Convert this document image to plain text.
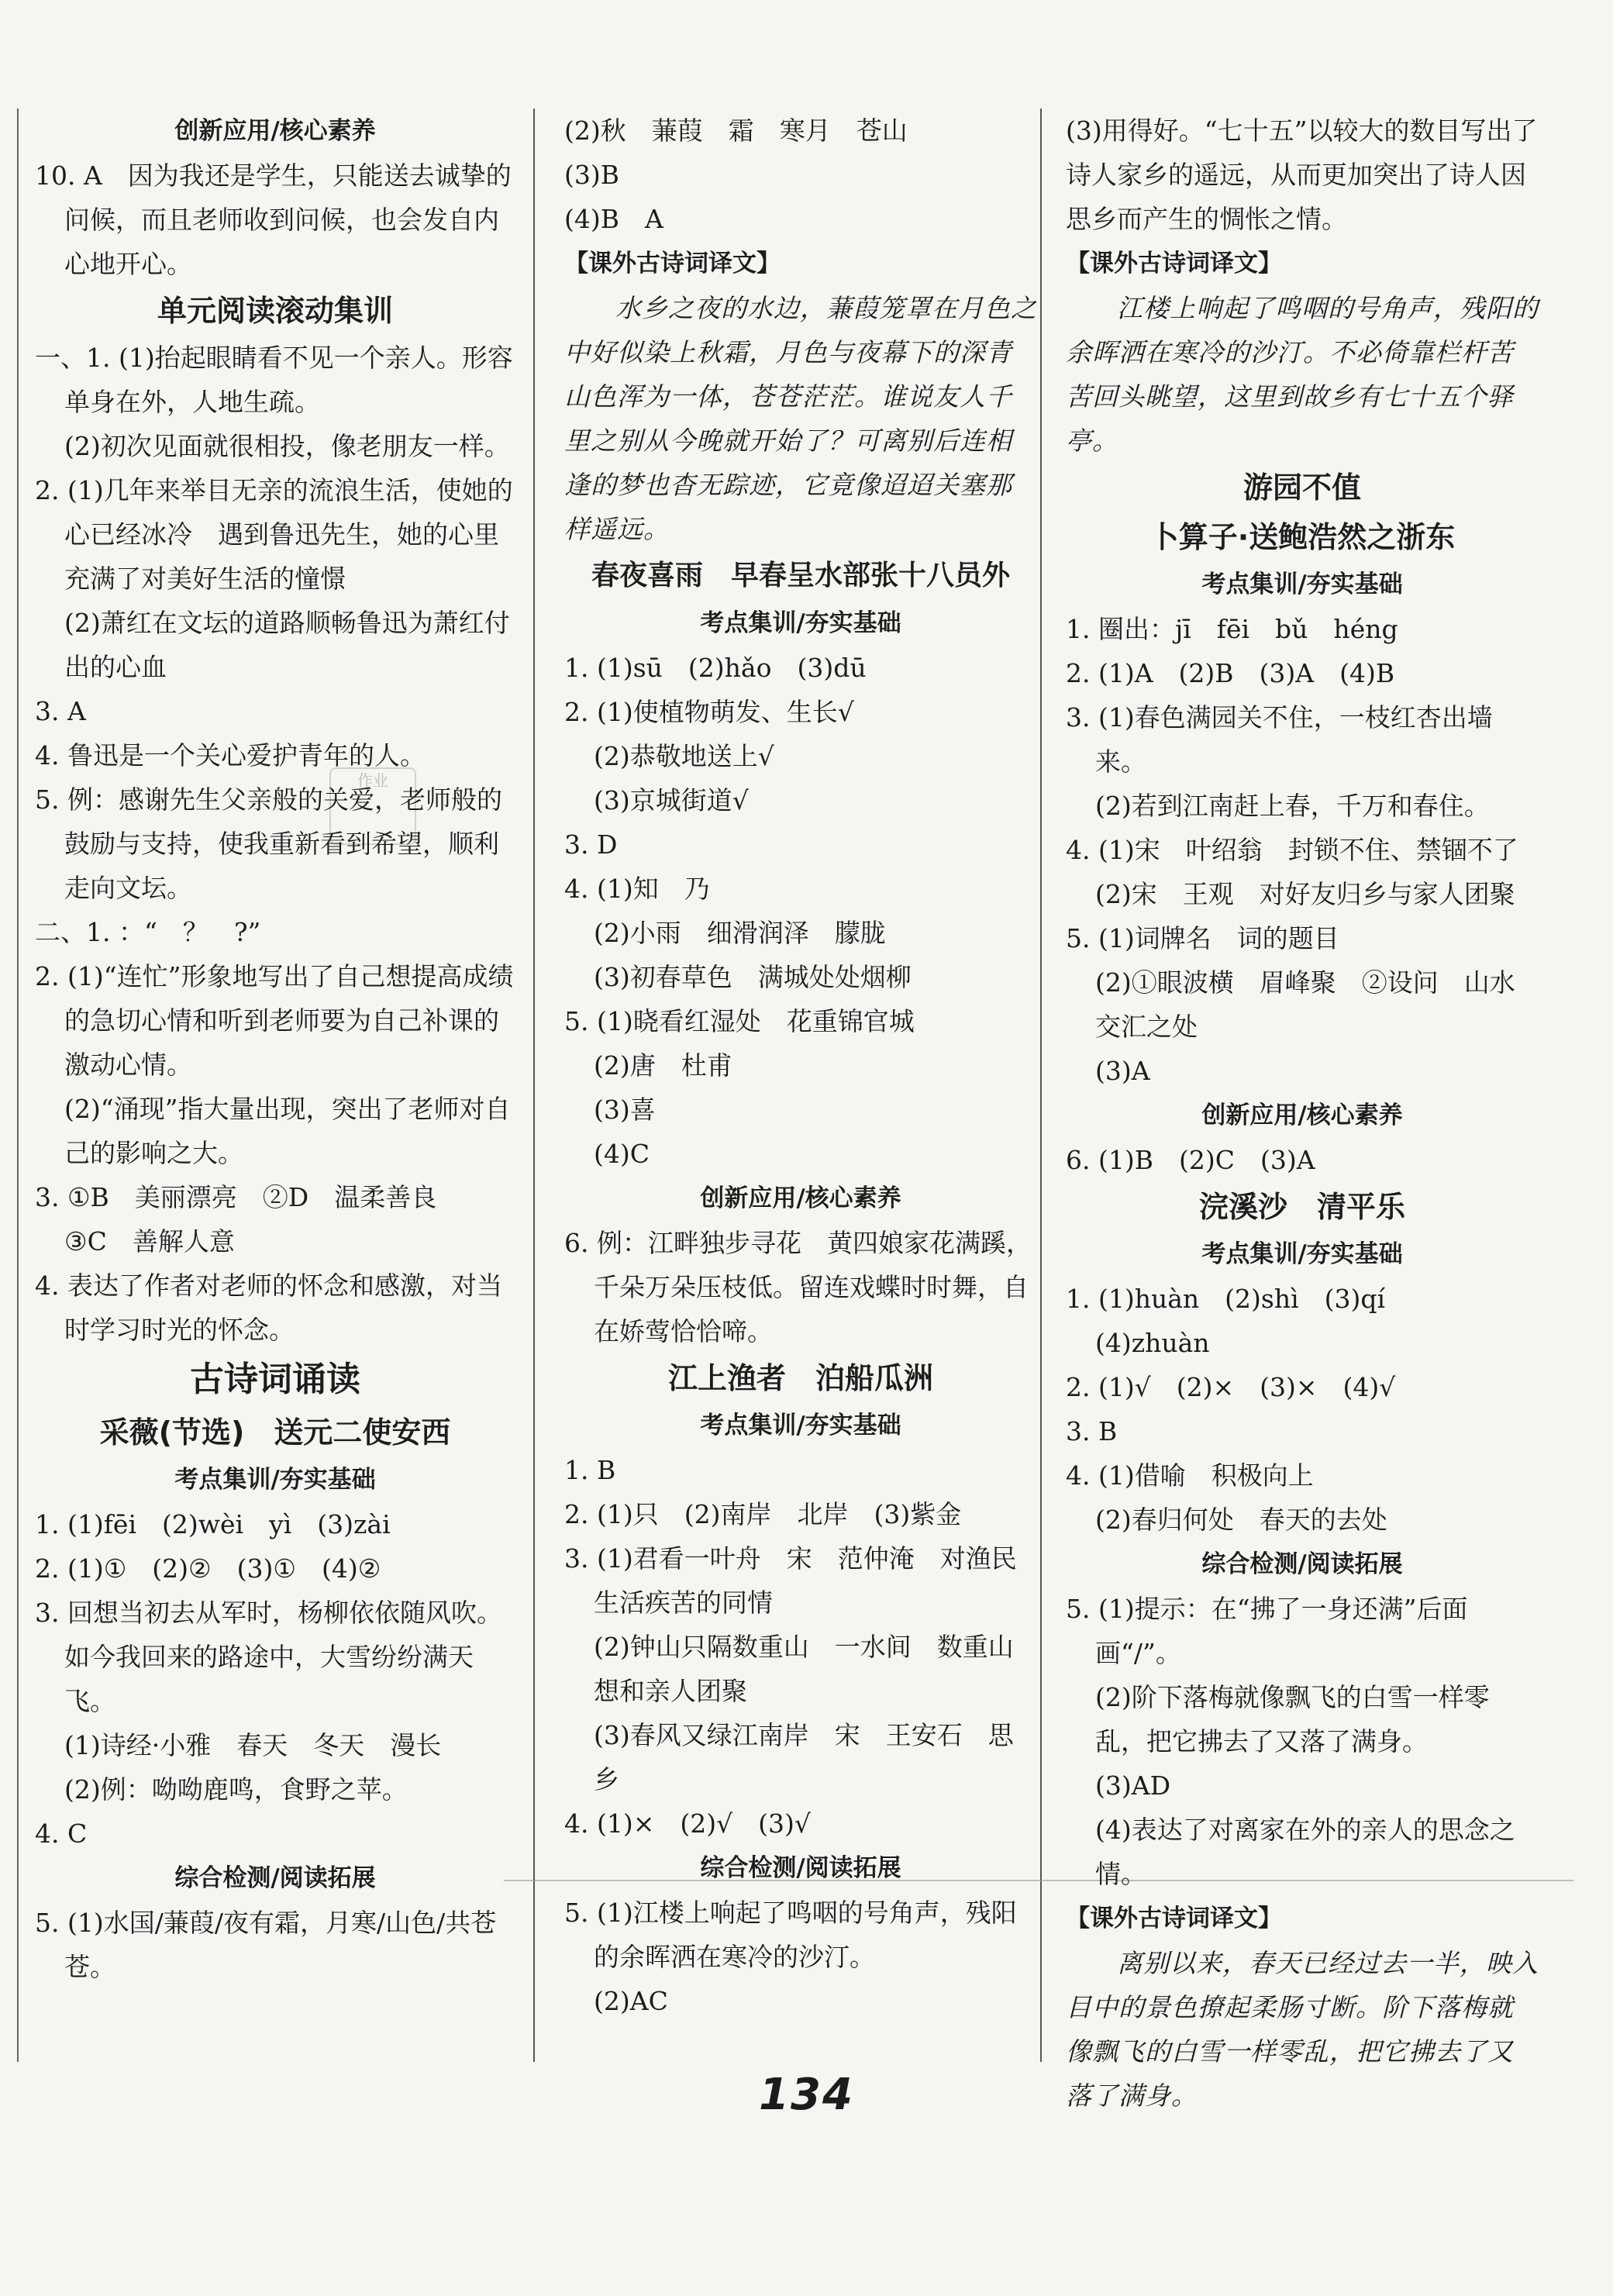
作业
创新应用/核心素养

10. A　因为我还是学生，只能送去诚挚的问候，而且老师收到问候，也会发自内心地开心。

单元阅读滚动集训

一、1. (1)抬起眼睛看不见一个亲人。形容单身在外，人地生疏。

(2)初次见面就很相投，像老朋友一样。

2. (1)几年来举目无亲的流浪生活，使她的心已经冰冷　遇到鲁迅先生，她的心里充满了对美好生活的憧憬

(2)萧红在文坛的道路顺畅鲁迅为萧红付出的心血

3. A

4. 鲁迅是一个关心爱护青年的人。

5. 例：感谢先生父亲般的关爱，老师般的鼓励与支持，使我重新看到希望，顺利走向文坛。

二、1. ：“　？　?”

2. (1)“连忙”形象地写出了自己想提高成绩的急切心情和听到老师要为自己补课的激动心情。

(2)“涌现”指大量出现，突出了老师对自己的影响之大。

3. ①B　美丽漂亮　②D　温柔善良

③C　善解人意

4. 表达了作者对老师的怀念和感激，对当时学习时光的怀念。

古诗词诵读
采薇(节选)　送元二使安西
考点集训/夯实基础

1. (1)fēi　(2)wèi　yì　(3)zài

2. (1)①　(2)②　(3)①　(4)②

3. 回想当初去从军时，杨柳依依随风吹。如今我回来的路途中，大雪纷纷满天飞。

(1)诗经·小雅　春天　冬天　漫长

(2)例：呦呦鹿鸣，食野之苹。

4. C

综合检测/阅读拓展

5. (1)水国/蒹葭/夜有霜，月寒/山色/共苍苍。

(2)秋　蒹葭　霜　寒月　苍山

(3)B

(4)B　A

【课外古诗词译文】

水乡之夜的水边，蒹葭笼罩在月色之中好似染上秋霜，月色与夜幕下的深青山色浑为一体，苍苍茫茫。谁说友人千里之别从今晚就开始了？可离别后连相逢的梦也杳无踪迹，它竟像迢迢关塞那样遥远。

春夜喜雨　早春呈水部张十八员外
考点集训/夯实基础

1. (1)sū　(2)hǎo　(3)dū

2. (1)使植物萌发、生长√

(2)恭敬地送上√

(3)京城街道√

3. D

4. (1)知　乃

(2)小雨　细滑润泽　朦胧

(3)初春草色　满城处处烟柳

5. (1)晓看红湿处　花重锦官城

(2)唐　杜甫

(3)喜

(4)C

创新应用/核心素养

6. 例：江畔独步寻花　黄四娘家花满蹊，千朵万朵压枝低。留连戏蝶时时舞，自在娇莺恰恰啼。

江上渔者　泊船瓜洲
考点集训/夯实基础

1. B

2. (1)只　(2)南岸　北岸　(3)紫金

3. (1)君看一叶舟　宋　范仲淹　对渔民生活疾苦的同情

(2)钟山只隔数重山　一水间　数重山　想和亲人团聚

(3)春风又绿江南岸　宋　王安石　思乡

4. (1)×　(2)√　(3)√

综合检测/阅读拓展

5. (1)江楼上响起了鸣咽的号角声，残阳的余晖洒在寒冷的沙汀。

(2)AC

(3)用得好。“七十五”以较大的数目写出了诗人家乡的遥远，从而更加突出了诗人因思乡而产生的惆怅之情。

【课外古诗词译文】

江楼上响起了鸣咽的号角声，残阳的余晖洒在寒冷的沙汀。不必倚靠栏杆苦苦回头眺望，这里到故乡有七十五个驿亭。

游园不值
卜算子·送鲍浩然之浙东
考点集训/夯实基础

1. 圈出：jī　fēi　bǔ　héng

2. (1)A　(2)B　(3)A　(4)B

3. (1)春色满园关不住，一枝红杏出墙来。

(2)若到江南赶上春，千万和春住。

4. (1)宋　叶绍翁　封锁不住、禁锢不了

(2)宋　王观　对好友归乡与家人团聚

5. (1)词牌名　词的题目

(2)①眼波横　眉峰聚　②设问　山水交汇之处

(3)A

创新应用/核心素养

6. (1)B　(2)C　(3)A

浣溪沙　清平乐
考点集训/夯实基础

1. (1)huàn　(2)shì　(3)qí

(4)zhuàn

2. (1)√　(2)×　(3)×　(4)√

3. B

4. (1)借喻　积极向上

(2)春归何处　春天的去处

综合检测/阅读拓展

5. (1)提示：在“拂了一身还满”后面画“/”。

(2)阶下落梅就像飘飞的白雪一样零乱，把它拂去了又落了满身。

(3)AD

(4)表达了对离家在外的亲人的思念之情。

【课外古诗词译文】

离别以来，春天已经过去一半，映入目中的景色撩起柔肠寸断。阶下落梅就像飘飞的白雪一样零乱，把它拂去了又落了满身。

134
